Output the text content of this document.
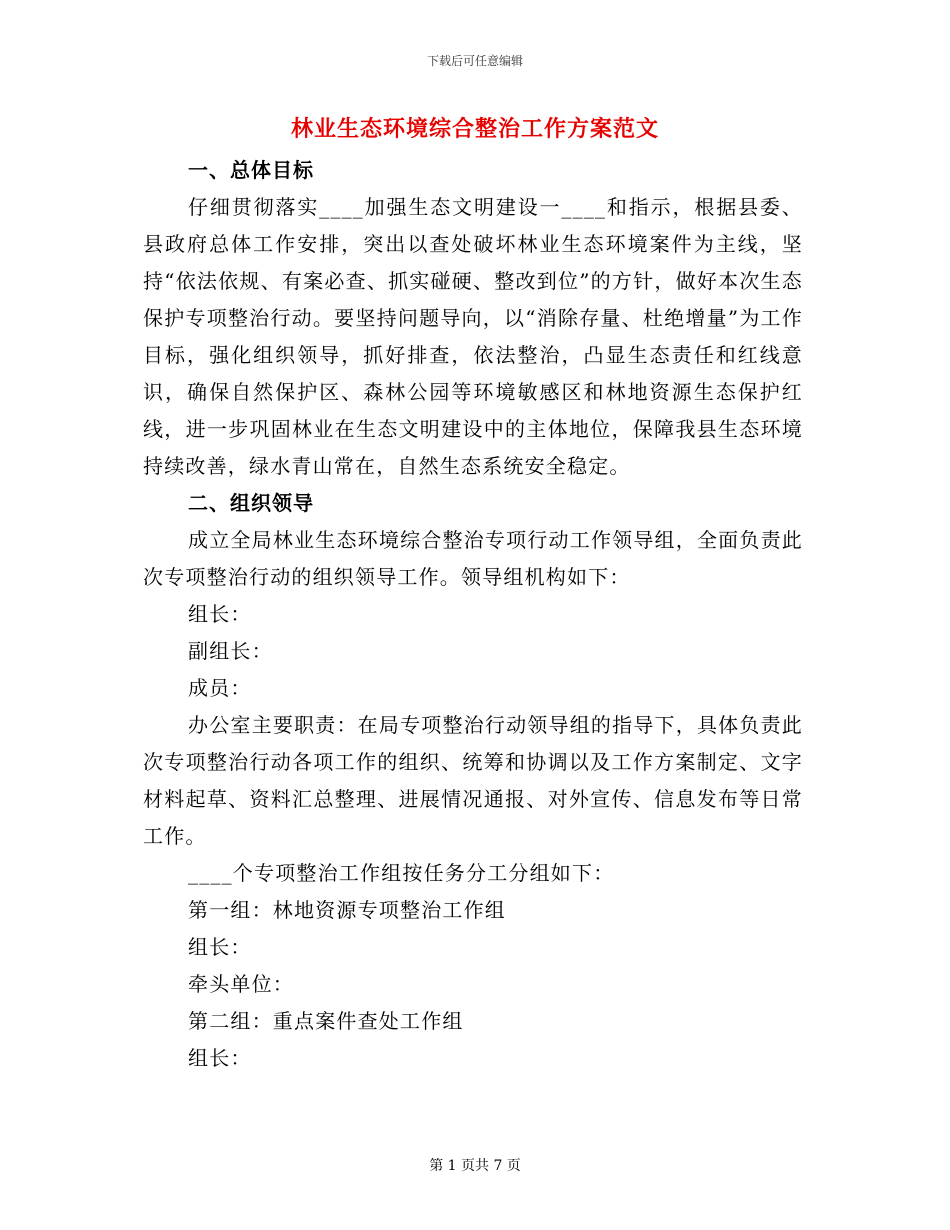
下载后可任意编辑
林业生态环境综合整治工作方案范文

一、总体目标

仔细贯彻落实____加强生态文明建设一____和指示，根据县委、县政府总体工作安排，突出以查处破坏林业生态环境案件为主线，坚持“依法依规、有案必查、抓实碰硬、整改到位”的方针，做好本次生态保护专项整治行动。要坚持问题导向，以“消除存量、杜绝增量”为工作目标，强化组织领导，抓好排查，依法整治，凸显生态责任和红线意识，确保自然保护区、森林公园等环境敏感区和林地资源生态保护红线，进一步巩固林业在生态文明建设中的主体地位，保障我县生态环境持续改善，绿水青山常在，自然生态系统安全稳定。

二、组织领导

成立全局林业生态环境综合整治专项行动工作领导组，全面负责此次专项整治行动的组织领导工作。领导组机构如下：

组长：

副组长：

成员：

办公室主要职责：在局专项整治行动领导组的指导下，具体负责此次专项整治行动各项工作的组织、统筹和协调以及工作方案制定、文字材料起草、资料汇总整理、进展情况通报、对外宣传、信息发布等日常工作。

____个专项整治工作组按任务分工分组如下：

第一组：林地资源专项整治工作组

组长：

牵头单位：

第二组：重点案件查处工作组

组长：

第 1 页共 7 页
